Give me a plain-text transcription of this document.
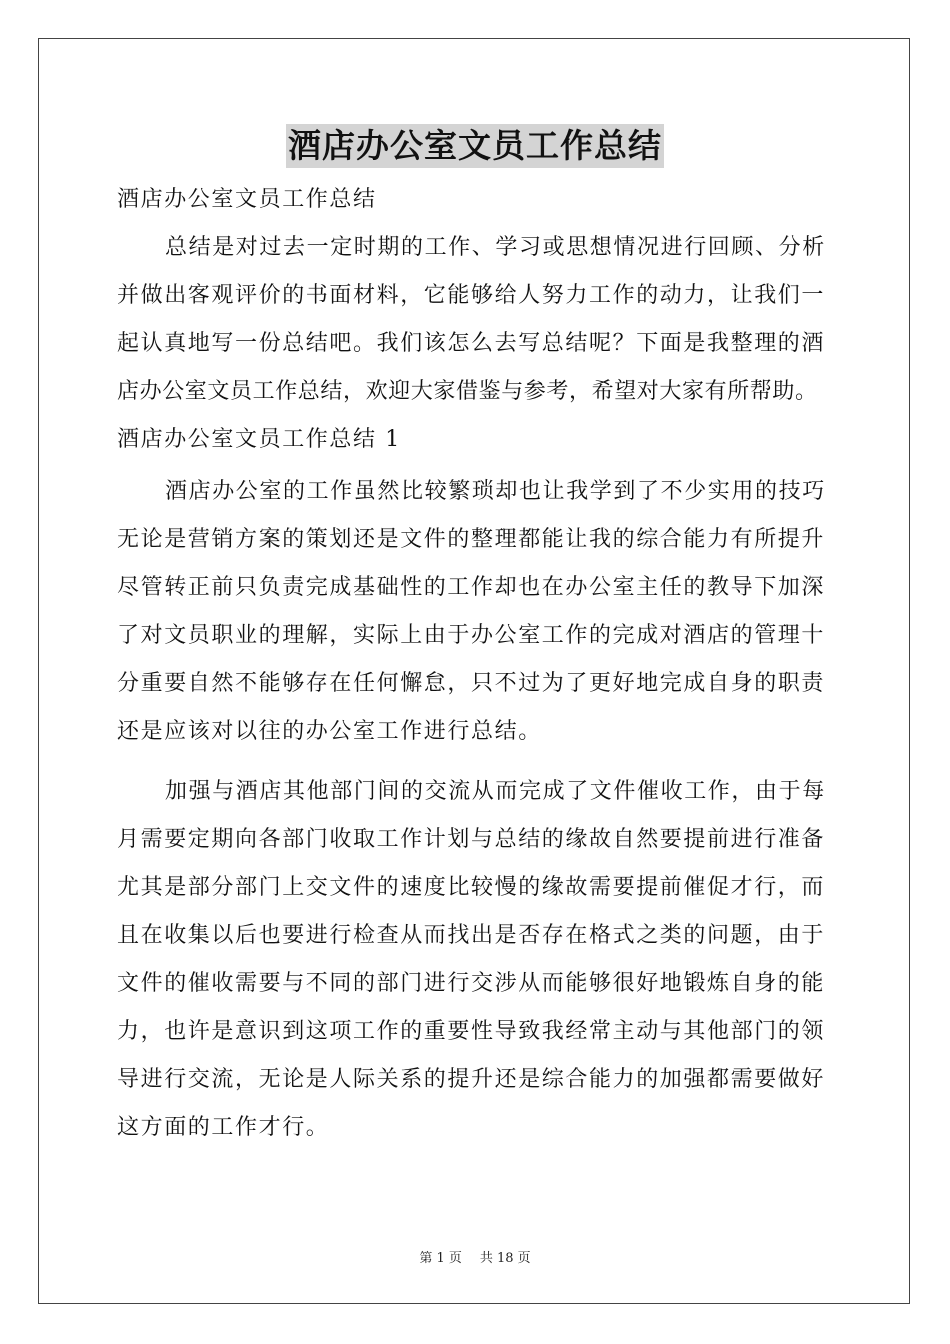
酒店办公室文员工作总结
酒店办公室文员工作总结
总结是对过去一定时期的工作、学习或思想情况进行回顾、分析
并做出客观评价的书面材料，它能够给人努力工作的动力，让我们一
起认真地写一份总结吧。我们该怎么去写总结呢？下面是我整理的酒
店办公室文员工作总结，欢迎大家借鉴与参考，希望对大家有所帮助。
酒店办公室文员工作总结 1
酒店办公室的工作虽然比较繁琐却也让我学到了不少实用的技巧
无论是营销方案的策划还是文件的整理都能让我的综合能力有所提升
尽管转正前只负责完成基础性的工作却也在办公室主任的教导下加深
了对文员职业的理解，实际上由于办公室工作的完成对酒店的管理十
分重要自然不能够存在任何懈怠，只不过为了更好地完成自身的职责
还是应该对以往的办公室工作进行总结。
加强与酒店其他部门间的交流从而完成了文件催收工作，由于每
月需要定期向各部门收取工作计划与总结的缘故自然要提前进行准备
尤其是部分部门上交文件的速度比较慢的缘故需要提前催促才行，而
且在收集以后也要进行检查从而找出是否存在格式之类的问题，由于
文件的催收需要与不同的部门进行交涉从而能够很好地锻炼自身的能
力，也许是意识到这项工作的重要性导致我经常主动与其他部门的领
导进行交流，无论是人际关系的提升还是综合能力的加强都需要做好
这方面的工作才行。
第 1 页 共 18 页
